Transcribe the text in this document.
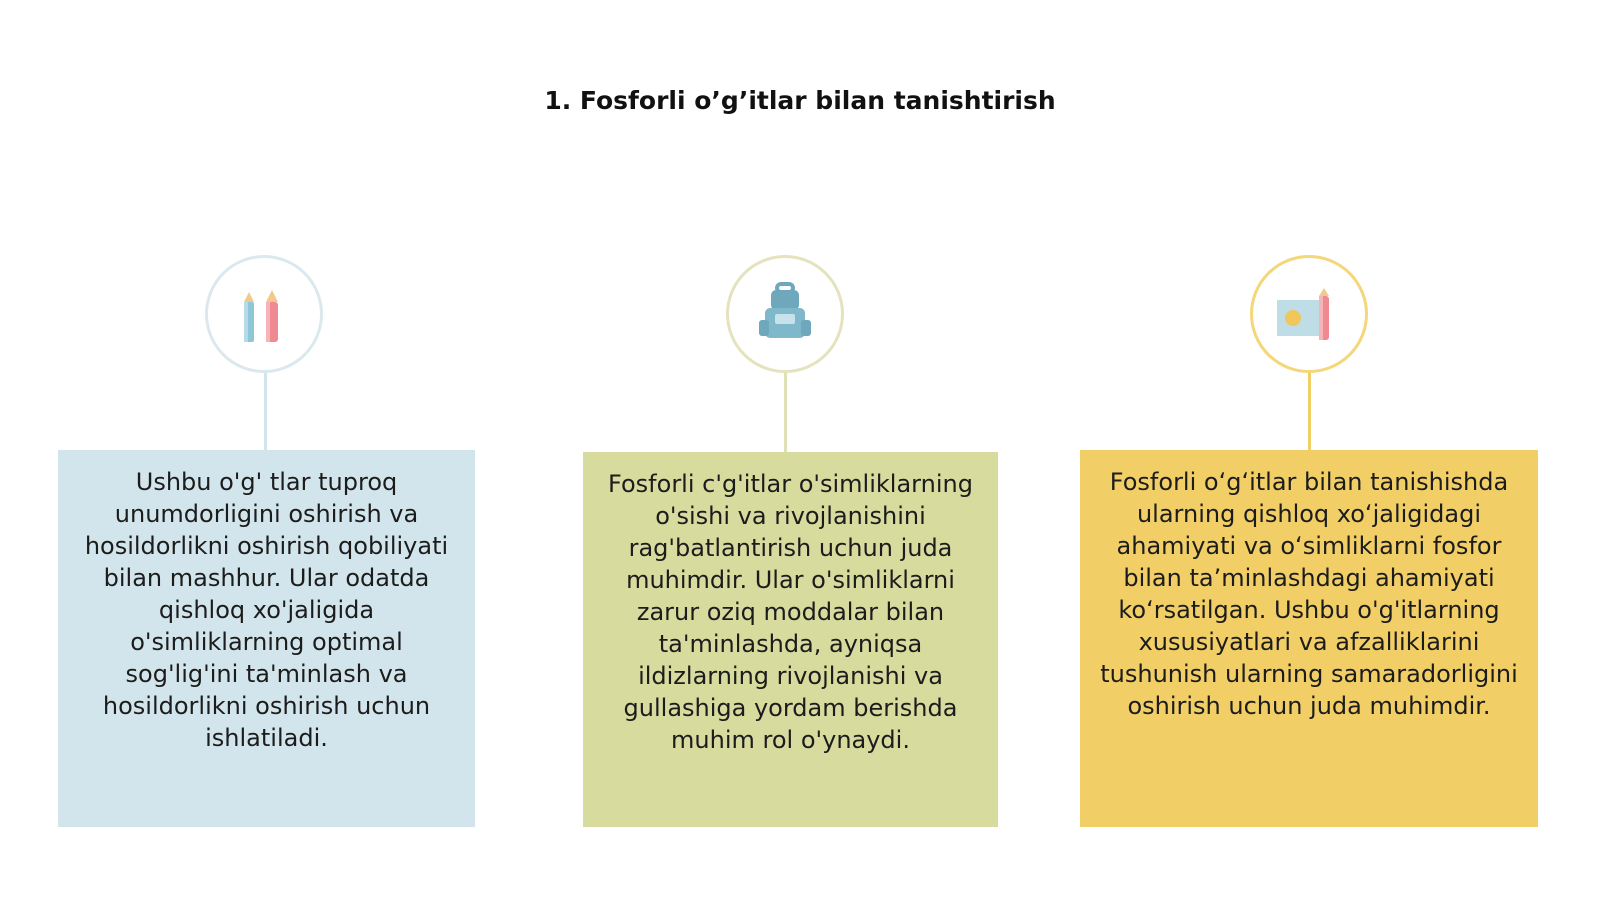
1. Fosforli o’g’itlar bilan tanishtirish
Ushbu o'g' tlar tuproq unumdorligini oshirish va hosildorlikni oshirish qobiliyati bilan mashhur. Ular odatda qishloq xo'jaligida o'simliklarning optimal sog'lig'ini ta'minlash va hosildorlikni oshirish uchun ishlatiladi.
Fosforli c'g'itlar o'simliklarning o'sishi va rivojlanishini rag'batlantirish uchun juda muhimdir. Ular o'simliklarni zarur oziq moddalar bilan ta'minlashda, ayniqsa ildizlarning rivojlanishi va gullashiga yordam berishda muhim rol o'ynaydi.
Fosforli oʻgʻitlar bilan tanishishda ularning qishloq xoʻjaligidagi ahamiyati va oʻsimliklarni fosfor bilan ta’minlashdagi ahamiyati koʻrsatilgan. Ushbu o'g'itlarning xususiyatlari va afzalliklarini tushunish ularning samaradorligini oshirish uchun juda muhimdir.
